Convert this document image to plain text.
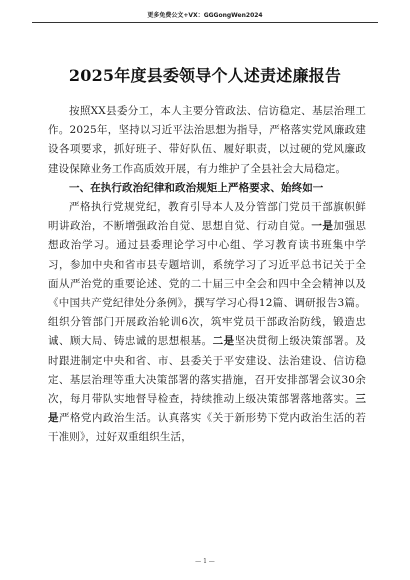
更多免费公文+VX：GGGongWen2024
2025年度县委领导个人述责述廉报告

按照XX县委分工，本人主要分管政法、信访稳定、基层治理工作。2025年，坚持以习近平法治思想为指导，严格落实党风廉政建设各项要求，抓好班子、带好队伍、履好职责，以过硬的党风廉政建设保障业务工作高质效开展，有力维护了全县社会大局稳定。

一、在执行政治纪律和政治规矩上严格要求、始终如一

严格执行党规党纪，教育引导本人及分管部门党员干部旗帜鲜明讲政治，不断增强政治自觉、思想自觉、行动自觉。一是加强思想政治学习。通过县委理论学习中心组、学习教育读书班集中学习，参加中央和省市县专题培训，系统学习了习近平总书记关于全面从严治党的重要论述、党的二十届三中全会和四中全会精神以及《中国共产党纪律处分条例》，撰写学习心得12篇、调研报告3篇。组织分管部门开展政治轮训6次，筑牢党员干部政治防线，锻造忠诚、顾大局、铸忠诚的思想根基。二是坚决贯彻上级决策部署。及时跟进制定中央和省、市、县委关于平安建设、法治建设、信访稳定、基层治理等重大决策部署的落实措施，召开安排部署会议30余次，每月带队实地督导检查，持续推动上级决策部署落地落实。三是严格党内政治生活。认真落实《关于新形势下党内政治生活的若干准则》，过好双重组织生活，

— 1 —
